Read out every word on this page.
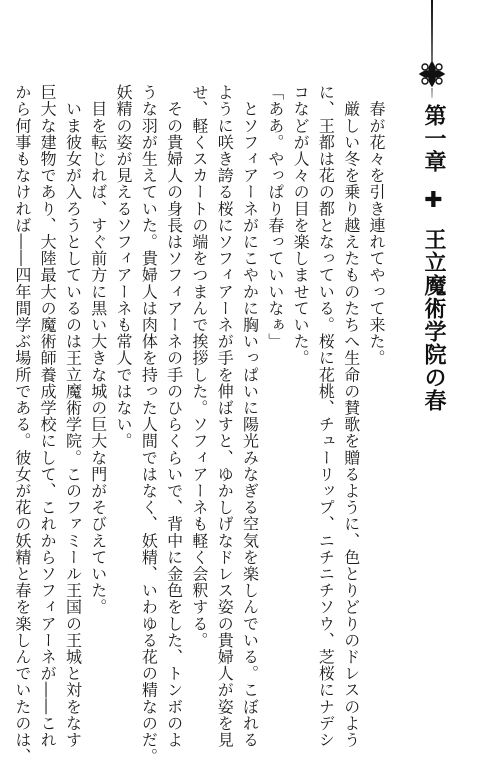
第一章 ✚ 王立魔術学院の春

　春が花々を引き連れてやって来た。

　厳しい冬を乗り越えたものたちへ生命の賛歌を贈るように、色とりどりのドレスのよう

に、王都は花の都となっている。桜に花桃、チューリップ、ニチニチソウ、芝桜にナデシ

コなどが人々の目を楽しませていた。

「ああ。やっぱり春っていいなぁ」

　とソフィアーネがにこやかに胸いっぱいに陽光みなぎる空気を楽しんでいる。こぼれる

ように咲き誇る桜にソフィアーネが手を伸ばすと、ゆかしげなドレス姿の貴婦人が姿を見

せ、軽くスカートの端をつまんで挨拶した。ソフィアーネも軽く会釈する。

　その貴婦人の身長はソフィアーネの手のひらくらいで、背中に金色をした、トンボのよ

うな羽が生えていた。貴婦人は肉体を持った人間ではなく、妖精、いわゆる花の精なのだ。

妖精の姿が見えるソフィアーネも常人ではない。

　目を転じれば、すぐ前方に黒い大きな城の巨大な門がそびえていた。

　いま彼女が入ろうとしているのは王立魔術学院。このファミール王国の王城と対をなす

巨大な建物であり、大陸最大の魔術師養成学校にして、これからソフィアーネが――これ

から何事もなければ――四年間学ぶ場所である。彼女が花の妖精と春を楽しんでいたのは、
